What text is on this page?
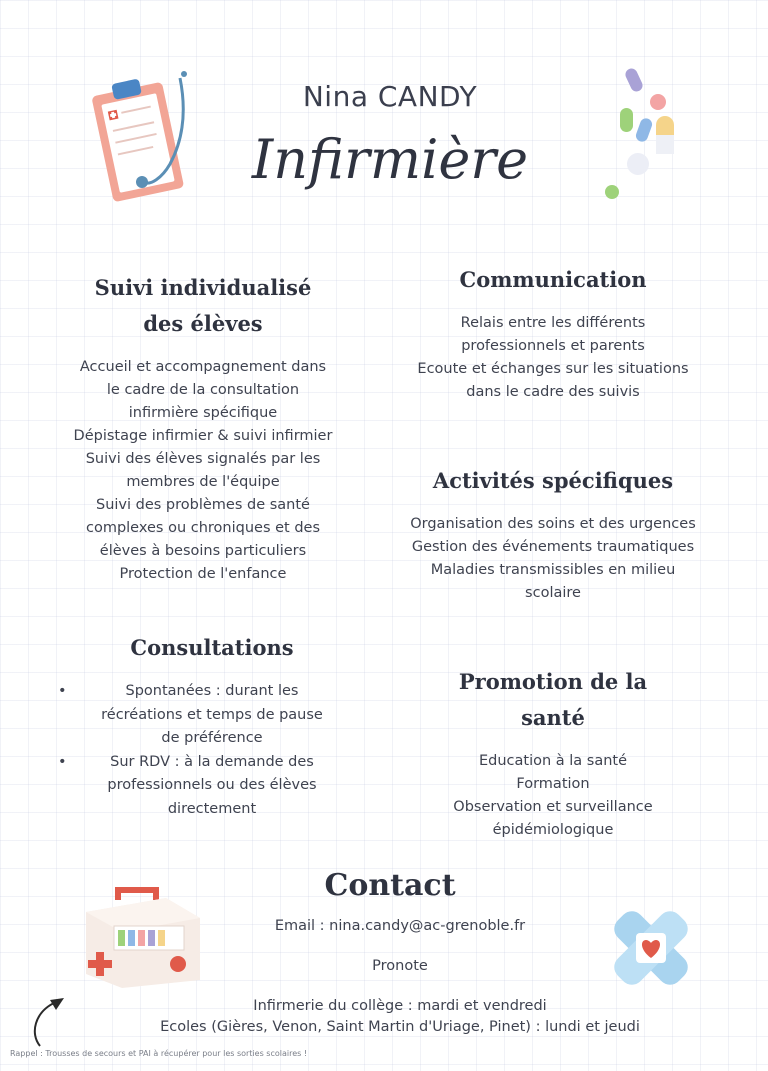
Nina CANDY
Infirmière
Suivi individualisé
des élèves
Accueil et accompagnement dans
le cadre de la consultation
infirmière spécifique
Dépistage infirmier & suivi infirmier
Suivi des élèves signalés par les
membres de l'équipe
Suivi des problèmes de santé
complexes ou chroniques et des
élèves à besoins particuliers
Protection de l'enfance
Communication
Relais entre les différents
professionnels et parents
Ecoute et échanges sur les situations
dans le cadre des suivis
Activités spécifiques
Organisation des soins et des urgences
Gestion des événements traumatiques
Maladies transmissibles en milieu
scolaire
Consultations
•	Spontanées : durant les
récréations et temps de pause
de préférence
•	Sur RDV : à la demande des
professionnels ou des élèves
directement
Promotion de la
santé
Education à la santé
Formation
Observation et surveillance
épidémiologique
Contact
Email : nina.candy@ac-grenoble.fr
Pronote
Infirmerie du collège : mardi et vendredi
Ecoles (Gières, Venon, Saint Martin d'Uriage, Pinet) : lundi et jeudi
Rappel : Trousses de secours et PAI à récupérer pour les sorties scolaires !
